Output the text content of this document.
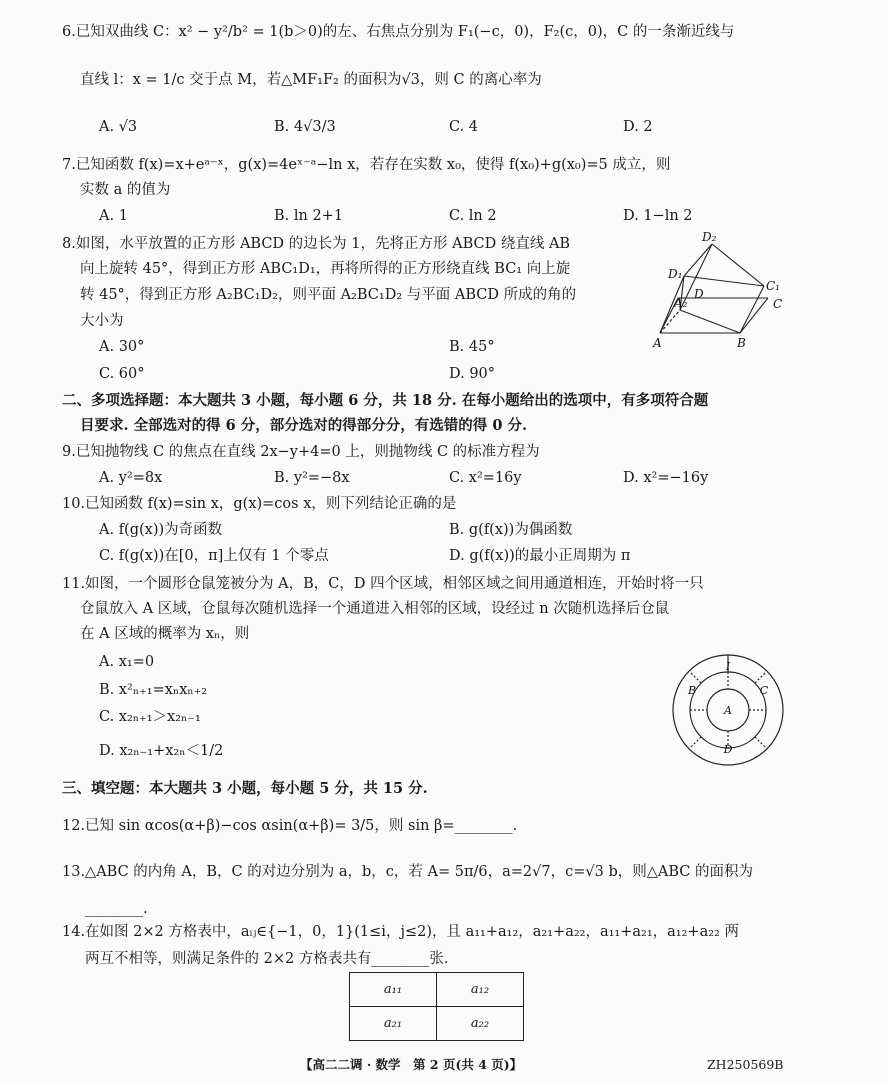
6.已知双曲线 C：x² − y²/b² = 1(b＞0)的左、右焦点分别为 F₁(−c，0)，F₂(c，0)，C 的一条渐近线与
直线 l：x = 1/c 交于点 M，若△MF₁F₂ 的面积为√3，则 C 的离心率为
A. √3	B. 4√3/3	C. 4	D. 2
7.已知函数 f(x)=x+eᵃ⁻ˣ，g(x)=4eˣ⁻ᵃ−ln x，若存在实数 x₀，使得 f(x₀)+g(x₀)=5 成立，则
实数 a 的值为
A. 1	B. ln 2+1	C. ln 2	D. 1−ln 2
8.如图，水平放置的正方形 ABCD 的边长为 1，先将正方形 ABCD 绕直线 AB
向上旋转 45°，得到正方形 ABC₁D₁，再将所得的正方形绕直线 BC₁ 向上旋
转 45°，得到正方形 A₂BC₁D₂，则平面 A₂BC₁D₂ 与平面 ABCD 所成的角的
大小为
A. 30°	B. 45°
C. 60°	D. 90°
D₂
D₁
D
A₂
C₁
C
A	B
二、多项选择题：本大题共 3 小题，每小题 6 分，共 18 分. 在每小题给出的选项中，有多项符合题
目要求. 全部选对的得 6 分，部分选对的得部分分，有选错的得 0 分.
9.已知抛物线 C 的焦点在直线 2x−y+4=0 上，则抛物线 C 的标准方程为
A. y²=8x	B. y²=−8x	C. x²=16y	D. x²=−16y
10.已知函数 f(x)=sin x，g(x)=cos x，则下列结论正确的是
A. f(g(x))为奇函数	B. g(f(x))为偶函数
C. f(g(x))在[0，π]上仅有 1 个零点	D. g(f(x))的最小正周期为 π
11.如图，一个圆形仓鼠笼被分为 A，B，C，D 四个区域，相邻区域之间用通道相连，开始时将一只
仓鼠放入 A 区域，仓鼠每次随机选择一个通道进入相邻的区域，设经过 n 次随机选择后仓鼠
在 A 区域的概率为 xₙ，则
A. x₁=0
B. x²ₙ₊₁=xₙxₙ₊₂
C. x₂ₙ₊₁＞x₂ₙ₋₁
D. x₂ₙ₋₁+x₂ₙ＜1/2
I
A
B	C
D
三、填空题：本大题共 3 小题，每小题 5 分，共 15 分.
12.已知 sin αcos(α+β)−cos αsin(α+β)= 3/5，则 sin β=________.
13.△ABC 的内角 A，B，C 的对边分别为 a，b，c，若 A= 5π/6，a=2√7，c=√3 b，则△ABC 的面积为
________.
14.在如图 2×2 方格表中，aᵢⱼ∈{−1，0，1}(1≤i，j≤2)，且 a₁₁+a₁₂，a₂₁+a₂₂，a₁₁+a₂₁，a₁₂+a₂₂ 两
两互不相等，则满足条件的 2×2 方格表共有________张.
a₁₁	a₁₂
a₂₁	a₂₂
【高二二调 · 数学　第 2 页(共 4 页)】	ZH250569B
